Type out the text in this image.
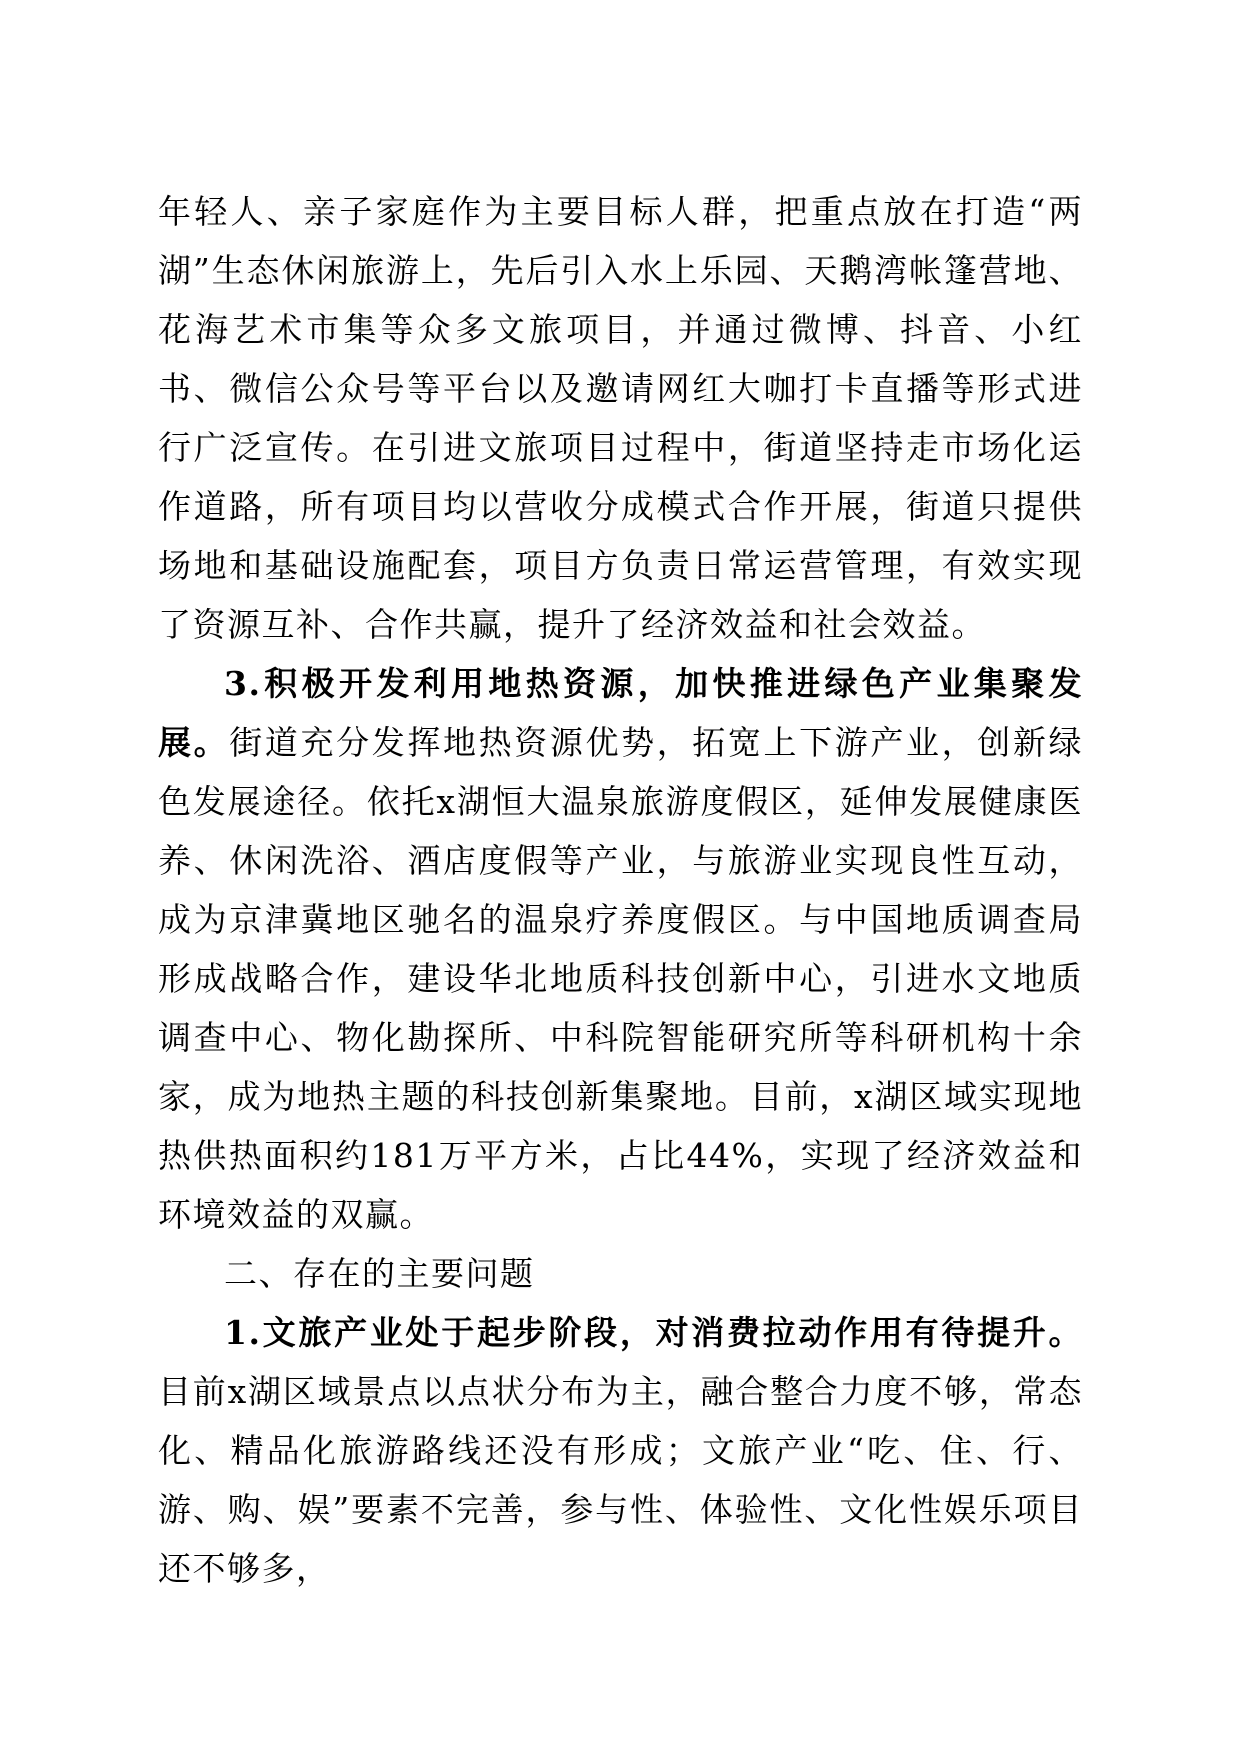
年轻人、亲子家庭作为主要目标人群，把重点放在打造“两湖”生态休闲旅游上，先后引入水上乐园、天鹅湾帐篷营地、花海艺术市集等众多文旅项目，并通过微博、抖音、小红书、微信公众号等平台以及邀请网红大咖打卡直播等形式进行广泛宣传。在引进文旅项目过程中，街道坚持走市场化运作道路，所有项目均以营收分成模式合作开展，街道只提供场地和基础设施配套，项目方负责日常运营管理，有效实现了资源互补、合作共赢，提升了经济效益和社会效益。

3.积极开发利用地热资源，加快推进绿色产业集聚发展。街道充分发挥地热资源优势，拓宽上下游产业，创新绿色发展途径。依托x湖恒大温泉旅游度假区，延伸发展健康医养、休闲洗浴、酒店度假等产业，与旅游业实现良性互动，成为京津冀地区驰名的温泉疗养度假区。与中国地质调查局形成战略合作，建设华北地质科技创新中心，引进水文地质调查中心、物化勘探所、中科院智能研究所等科研机构十余家，成为地热主题的科技创新集聚地。目前，x湖区域实现地热供热面积约181万平方米，占比44%，实现了经济效益和环境效益的双赢。

二、存在的主要问题

1.文旅产业处于起步阶段，对消费拉动作用有待提升。目前x湖区域景点以点状分布为主，融合整合力度不够，常态化、精品化旅游路线还没有形成；文旅产业“吃、住、行、游、购、娱”要素不完善，参与性、体验性、文化性娱乐项目还不够多，
